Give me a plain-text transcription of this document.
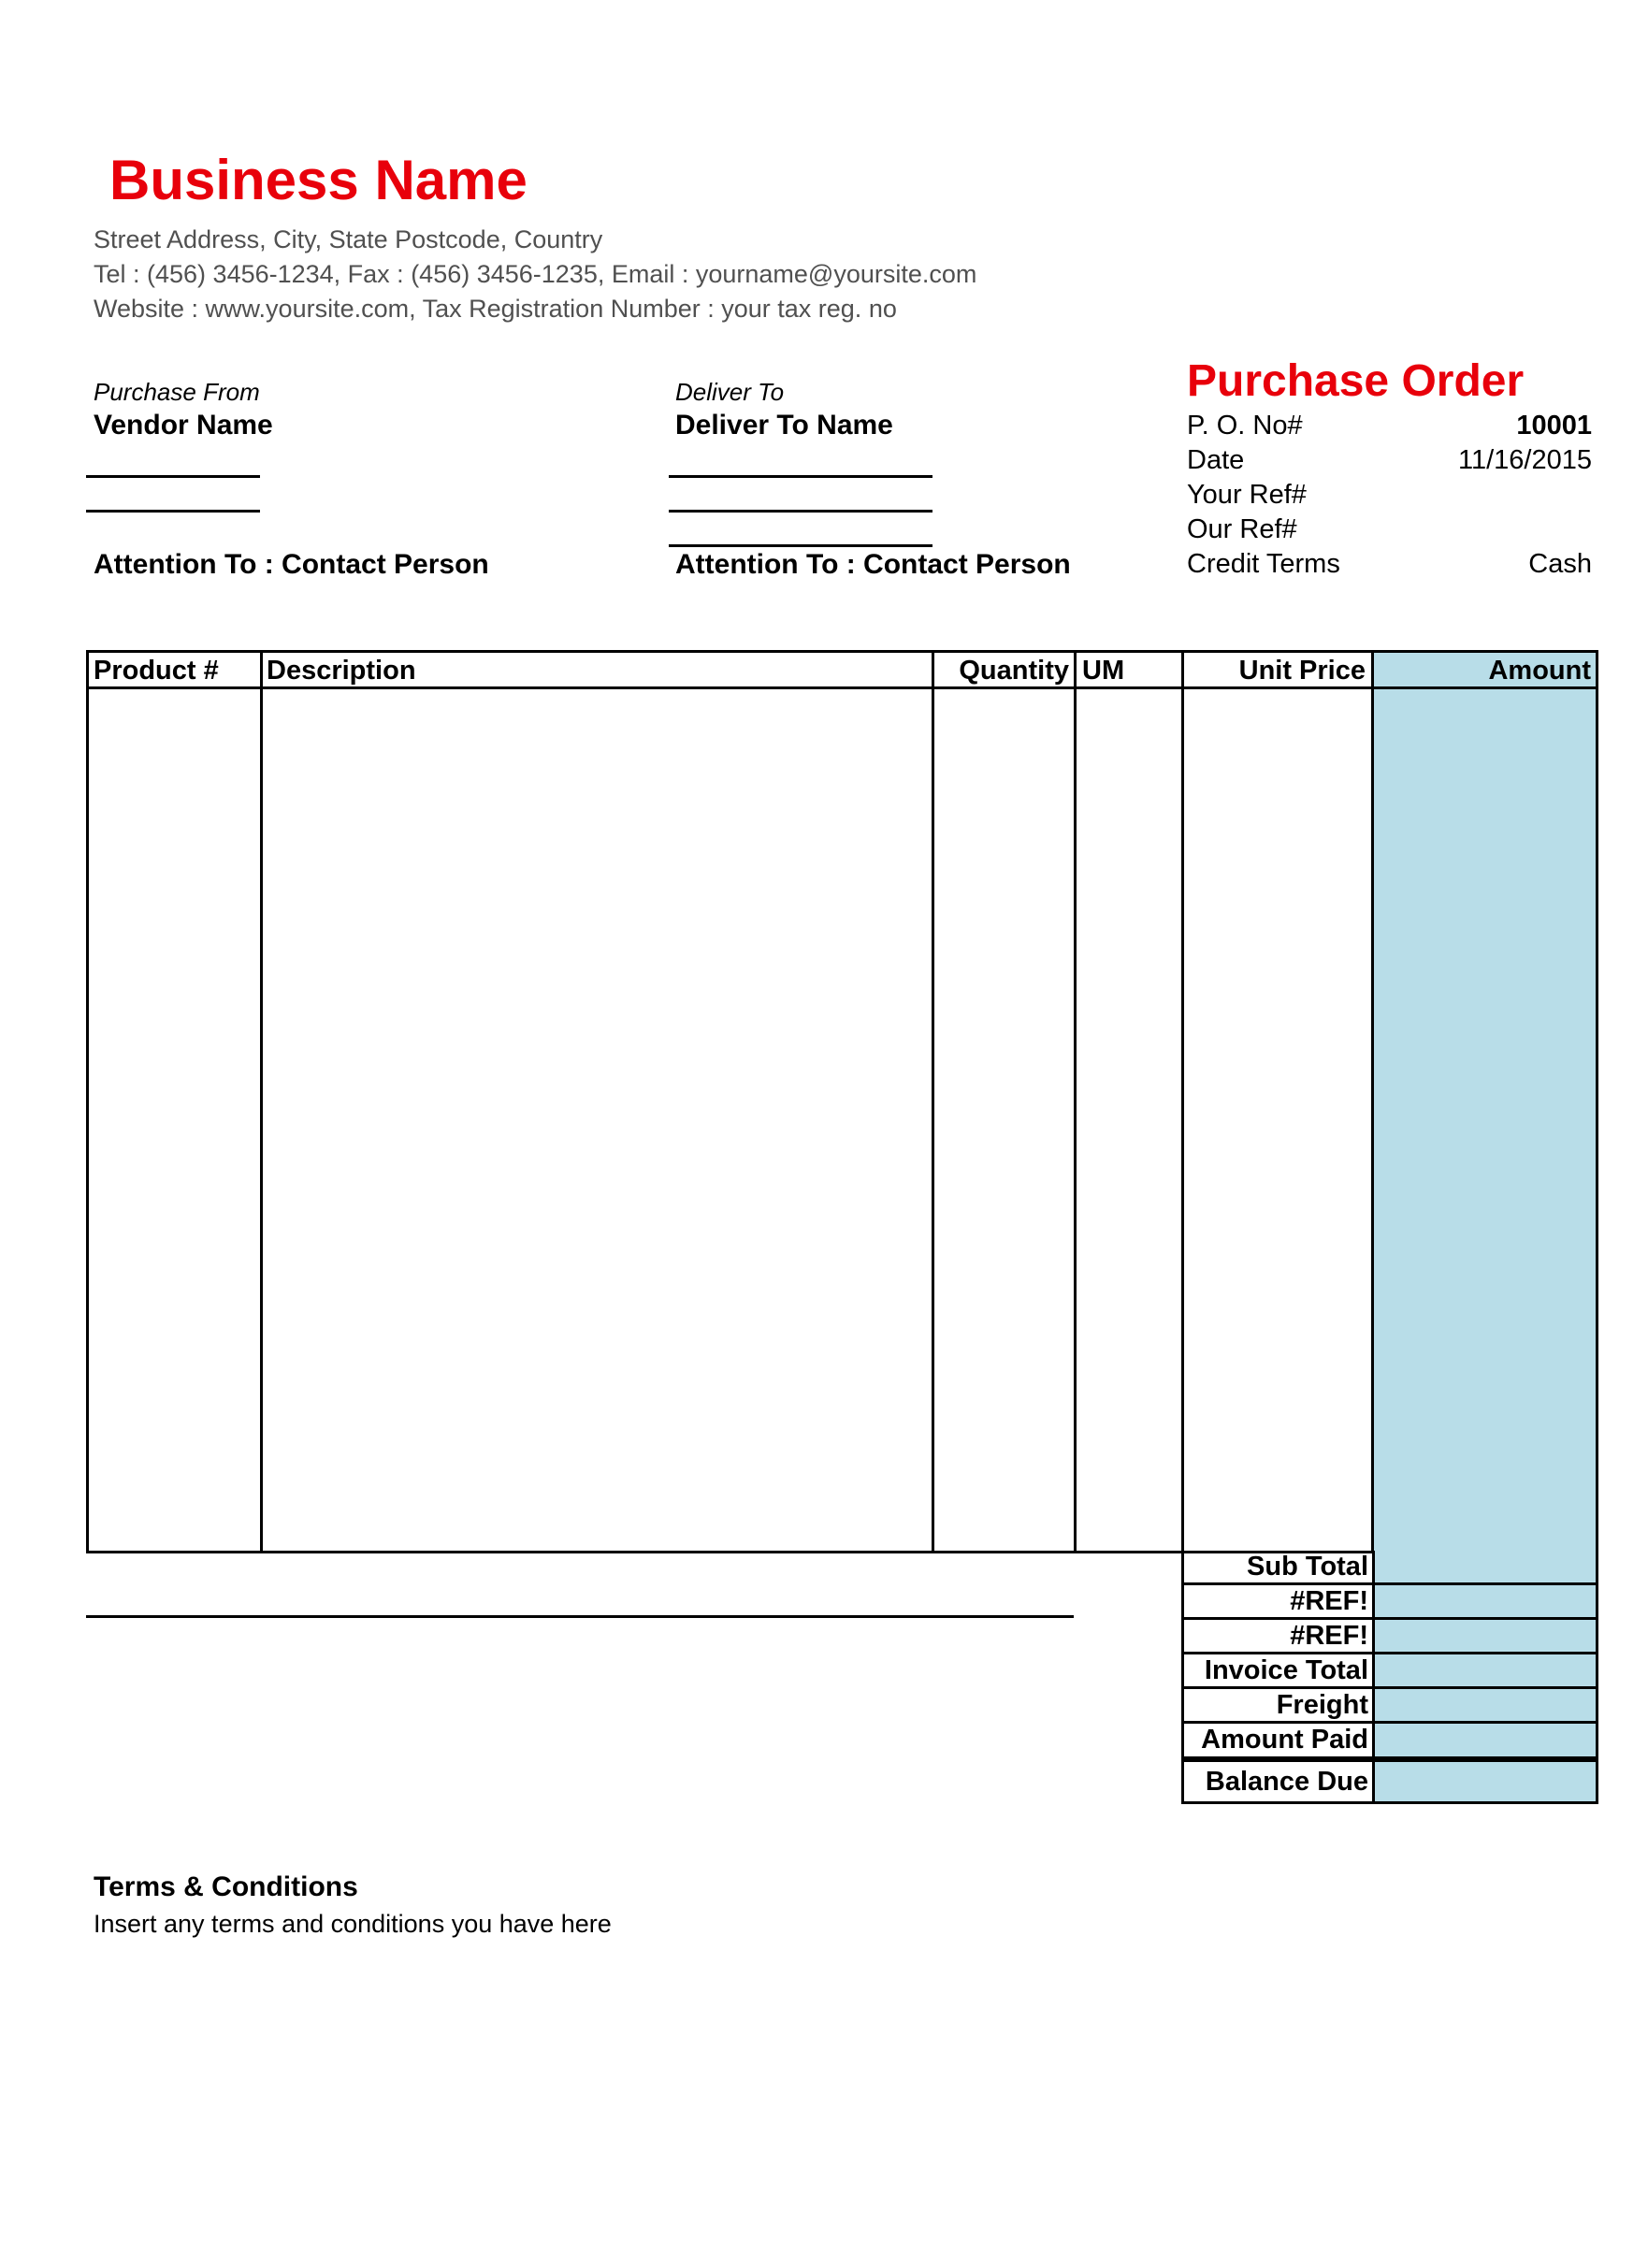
Business Name
Street Address, City, State Postcode, Country
Tel : (456) 3456-1234, Fax : (456) 3456-1235, Email : yourname@yoursite.com
Website : www.yoursite.com, Tax Registration Number : your tax reg. no
Purchase From
Vendor Name
Attention To : Contact Person
Deliver To
Deliver To Name
Attention To : Contact Person
Purchase Order
P. O. No#	10001
Date	11/16/2015
Your Ref#
Our Ref#
Credit Terms	Cash
Product #	Description	Quantity UM	Unit Price	Amount
Sub Total
#REF!
#REF!
Invoice Total
Freight
Amount Paid
Balance Due
Terms & Conditions
Insert any terms and conditions you have here
